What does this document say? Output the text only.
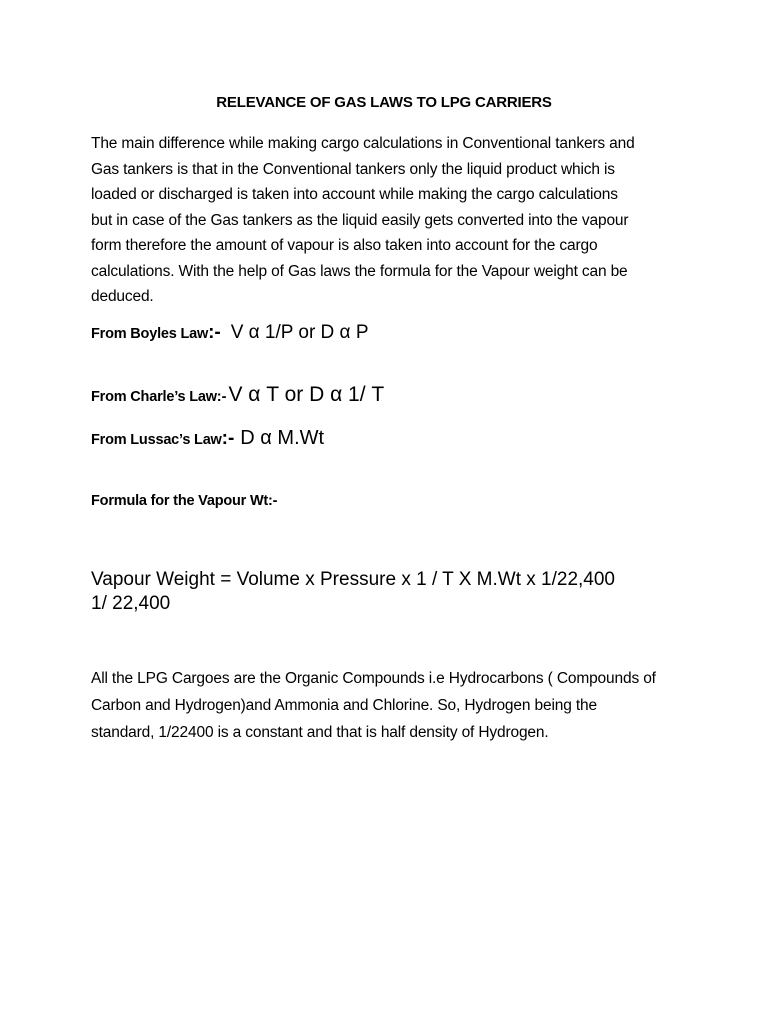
RELEVANCE OF GAS LAWS TO LPG CARRIERS
The main difference while making cargo calculations in Conventional tankers and
Gas tankers is that in the Conventional tankers only the liquid product which is
loaded or discharged is taken into account while making the cargo calculations
but in case of the Gas tankers as the liquid easily gets converted into the vapour
form therefore the amount of vapour is also taken into account for the cargo
calculations. With the help of Gas laws the formula for the Vapour weight can be
deduced.
From Boyles Law:- V α 1/P or D α P
From Charle’s Law:-V α T or D α 1/ T
From Lussac’s Law:- D α M.Wt
Formula for the Vapour Wt:-
Vapour Weight = Volume x Pressure x 1 / T X M.Wt x 1/22,400
1/ 22,400
All the LPG Cargoes are the Organic Compounds i.e Hydrocarbons ( Compounds of
Carbon and Hydrogen)and Ammonia and Chlorine. So, Hydrogen being the
standard, 1/22400 is a constant and that is half density of Hydrogen.
